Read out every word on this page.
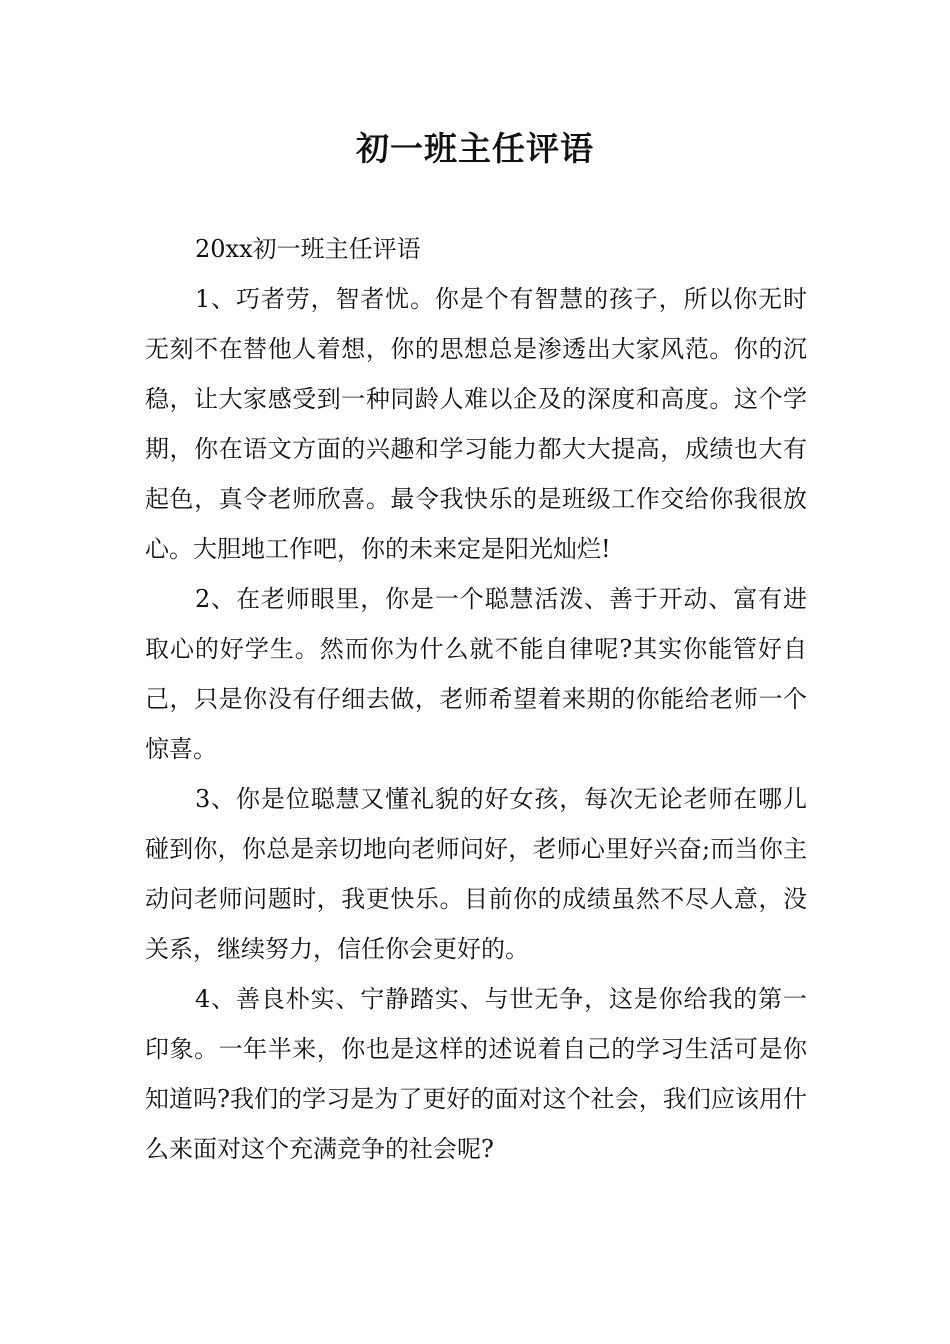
初一班主任评语

20xx初一班主任评语

1、巧者劳，智者忧。你是个有智慧的孩子，所以你无时无刻不在替他人着想，你的思想总是渗透出大家风范。你的沉稳，让大家感受到一种同龄人难以企及的深度和高度。这个学期，你在语文方面的兴趣和学习能力都大大提高，成绩也大有起色，真令老师欣喜。最令我快乐的是班级工作交给你我很放心。大胆地工作吧，你的未来定是阳光灿烂!

2、在老师眼里，你是一个聪慧活泼、善于开动、富有进取心的好学生。然而你为什么就不能自律呢?其实你能管好自己，只是你没有仔细去做，老师希望着来期的你能给老师一个惊喜。

3、你是位聪慧又懂礼貌的好女孩，每次无论老师在哪儿碰到你，你总是亲切地向老师问好，老师心里好兴奋;而当你主动问老师问题时，我更快乐。目前你的成绩虽然不尽人意，没关系，继续努力，信任你会更好的。

4、善良朴实、宁静踏实、与世无争，这是你给我的第一印象。一年半来，你也是这样的述说着自己的学习生活可是你知道吗?我们的学习是为了更好的面对这个社会，我们应该用什么来面对这个充满竞争的社会呢?
